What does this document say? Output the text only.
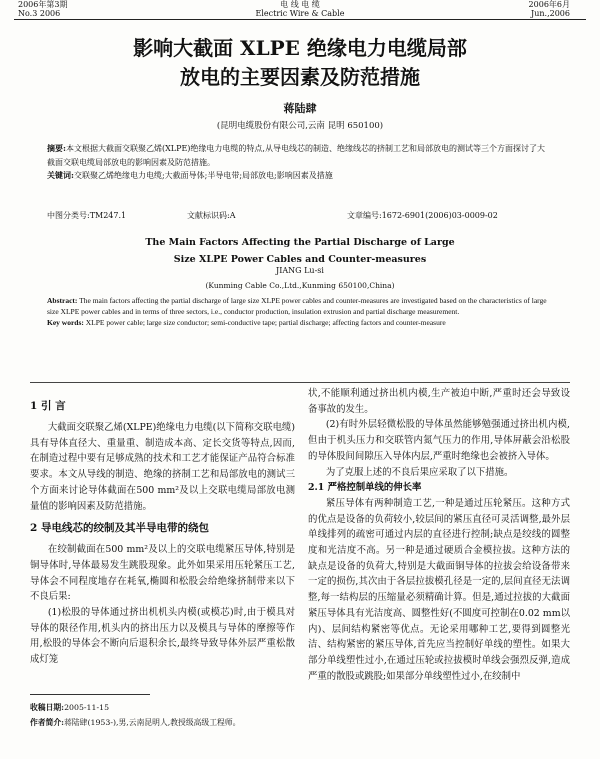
2006年第3期
No.3 2006
电 线 电 缆
Electric Wire & Cable
2006年6月
Jun.,2006
影响大截面 XLPE 绝缘电力电缆局部
放电的主要因素及防范措施
蒋陆肆
(昆明电缆股份有限公司,云南 昆明 650100)
摘要:本文根据大截面交联聚乙烯(XLPE)绝缘电力电缆的特点,从导电线芯的制造、绝缘线芯的挤制工艺和局部放电的测试等三个方面探讨了大截面交联电缆局部放电的影响因素及防范措施。
关键词:交联聚乙烯绝缘电力电缆;大截面导体;半导电带;局部放电;影响因素及措施
中图分类号:TM247.1	文献标识码:A	文章编号:1672-6901(2006)03-0009-02
The Main Factors Affecting the Partial Discharge of Large
Size XLPE Power Cables and Counter-measures
JIANG Lu-si
(Kunming Cable Co.,Ltd.,Kunming 650100,China)
Abstract: The main factors affecting the partial discharge of large size XLPE power cables and counter-measures are investigated based on the characteristics of large size XLPE power cables and in terms of three sectors, i.e., conductor production, insulation extrusion and partial discharge measurement.
Key words: XLPE power cable; large size conductor; semi-conductive tape; partial discharge; affecting factors and counter-measure
1 引 言

大截面交联聚乙烯(XLPE)绝缘电力电缆(以下简称交联电缆)具有导体直径大、重量重、制造成本高、定长交货等特点,因而,在制造过程中要有足够成熟的技术和工艺才能保证产品符合标准要求。本文从导线的制造、绝缘的挤制工艺和局部放电的测试三个方面来讨论导体截面在500 mm²及以上交联电缆局部放电测量值的影响因素及防范措施。

2 导电线芯的绞制及其半导电带的绕包

在绞制截面在500 mm²及以上的交联电缆紧压导体,特别是铜导体时,导体最易发生跳股现象。此外如果采用压轮紧压工艺,导体会不同程度地存在耗氧,椭圆和松股会给绝缘挤制带来以下不良后果:

(1)松股的导体通过挤出机机头内模(或模芯)时,由于模具对导体的限径作用,机头内的挤出压力以及模具与导体的摩擦等作用,松股的导体会不断向后退积余长,最终导致导体外层严重松散成灯笼

状,不能顺利通过挤出机内模,生产被迫中断,严重时还会导致设备事故的发生。

(2)有时外层轻微松股的导体虽然能够勉强通过挤出机内模,但由于机头压力和交联管内氮气压力的作用,导体屏蔽会沿松股的导体股间间隙压入导体内层,严重时绝缘也会被挤入导体。

为了克服上述的不良后果应采取了以下措施。

2.1 严格控制单线的伸长率

紧压导体有两种制造工艺,一种是通过压轮紧压。这种方式的优点是设备的负荷较小,较层间的紧压直径可灵活调整,最外层单线排列的疏密可通过内层的直径进行控制;缺点是绞线的圆整度和光洁度不高。另一种是通过硬质合金模拉拔。这种方法的缺点是设备的负荷大,特别是大截面铜导体的拉拔会给设备带来一定的损伤,其次由于各层拉拔模孔径是一定的,层间直径无法调整,每一结构层的压缩量必须精确计算。但是,通过拉拔的大截面紧压导体具有光洁度高、圆整性好(不圆度可控制在0.02 mm以内)、层间结构紧密等优点。无论采用哪种工艺,要得到圆整光洁、结构紧密的紧压导体,首先应当控制好单线的塑性。如果大部分单线塑性过小,在通过压轮或拉拔模时单线会强烈反弹,造成严重的散股或跳股;如果部分单线塑性过小,在绞制中

收稿日期:2005-11-15

作者简介:蒋陆肆(1953-),男,云南昆明人,教授级高级工程师。
